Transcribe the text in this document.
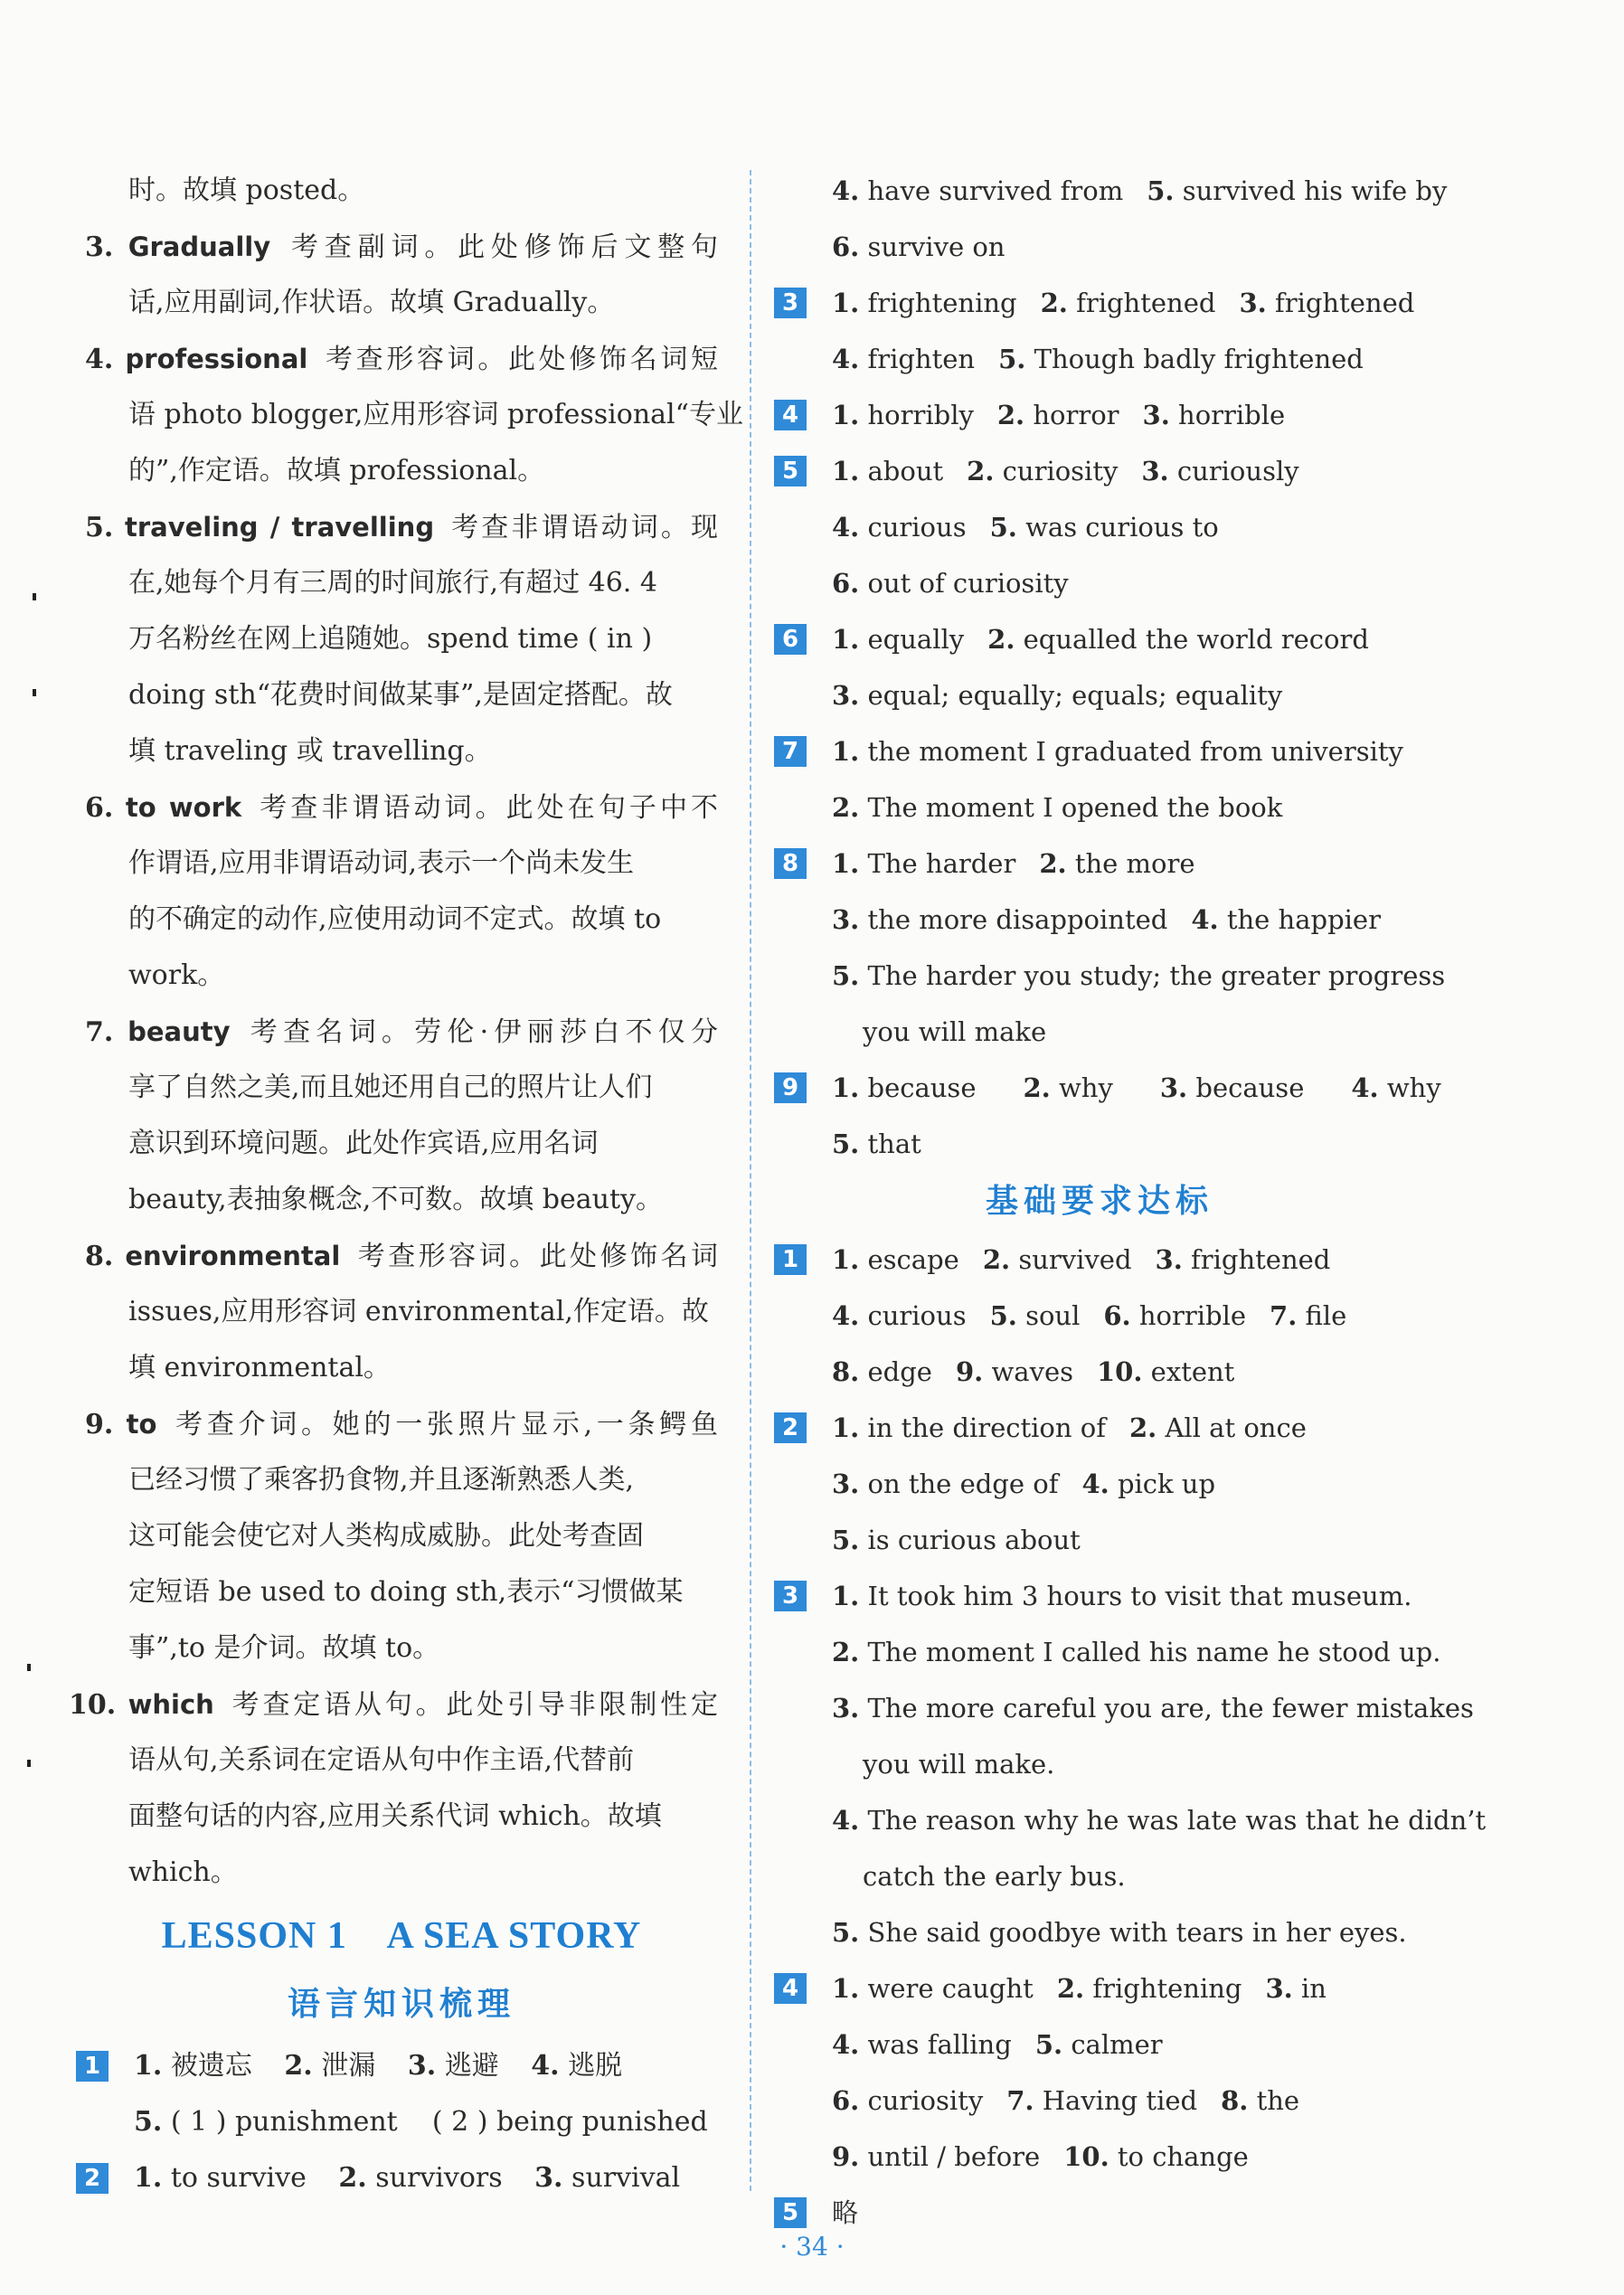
时。故填 posted。
3. Gradually 考查副词。此处修饰后文整句
话,应用副词,作状语。故填 Gradually。
4. professional 考查形容词。此处修饰名词短
语 photo blogger,应用形容词 professional“专业
的”,作定语。故填 professional。
5. traveling / travelling 考查非谓语动词。现
在,她每个月有三周的时间旅行,有超过 46. 4
万名粉丝在网上追随她。spend time ( in )
doing sth“花费时间做某事”,是固定搭配。故
填 traveling 或 travelling。
6. to work 考查非谓语动词。此处在句子中不
作谓语,应用非谓语动词,表示一个尚未发生
的不确定的动作,应使用动词不定式。故填 to
work。
7. beauty 考查名词。劳伦·伊丽莎白不仅分
享了自然之美,而且她还用自己的照片让人们
意识到环境问题。此处作宾语,应用名词
beauty,表抽象概念,不可数。故填 beauty。
8. environmental 考查形容词。此处修饰名词
issues,应用形容词 environmental,作定语。故
填 environmental。
9. to 考查介词。她的一张照片显示,一条鳄鱼
已经习惯了乘客扔食物,并且逐渐熟悉人类,
这可能会使它对人类构成威胁。此处考查固
定短语 be used to doing sth,表示“习惯做某
事”,to 是介词。故填 to。
10. which 考查定语从句。此处引导非限制性定
语从句,关系词在定语从句中作主语,代替前
面整句话的内容,应用关系代词 which。故填
which。
LESSON 1    A SEA STORY
语言知识梳理
1 1. 被遗忘 2. 泄漏 3. 逃避 4. 逃脱
5. ( 1 ) punishment    ( 2 ) being punished
2 1. to survive 2. survivors 3. survival
4. have survived from 5. survived his wife by
6. survive on
3	1. frightening 2. frightened 3. frightened
4. frighten 5. Though badly frightened
4	1. horribly 2. horror 3. horrible
5	1. about 2. curiosity 3. curiously
4. curious 5. was curious to
6. out of curiosity
6	1. equally 2. equalled the world record
3. equal; equally; equals; equality
7	1. the moment I graduated from university
2. The moment I opened the book
8	1. The harder 2. the more
3. the more disappointed 4. the happier
5. The harder you study; the greater progress
you will make
9	1. because 2. why 3. because 4. why
5. that
基础要求达标
1	1. escape 2. survived 3. frightened
4. curious 5. soul 6. horrible 7. file
8. edge 9. waves 10. extent
2	1. in the direction of 2. All at once
3. on the edge of 4. pick up
5. is curious about
3	1. It took him 3 hours to visit that museum.
2. The moment I called his name he stood up.
3. The more careful you are, the fewer mistakes
you will make.
4. The reason why he was late was that he didn’t
catch the early bus.
5. She said goodbye with tears in her eyes.
4	1. were caught 2. frightening 3. in
4. was falling 5. calmer
6. curiosity 7. Having tied 8. the
9. until / before 10. to change
5	略
· 34 ·
